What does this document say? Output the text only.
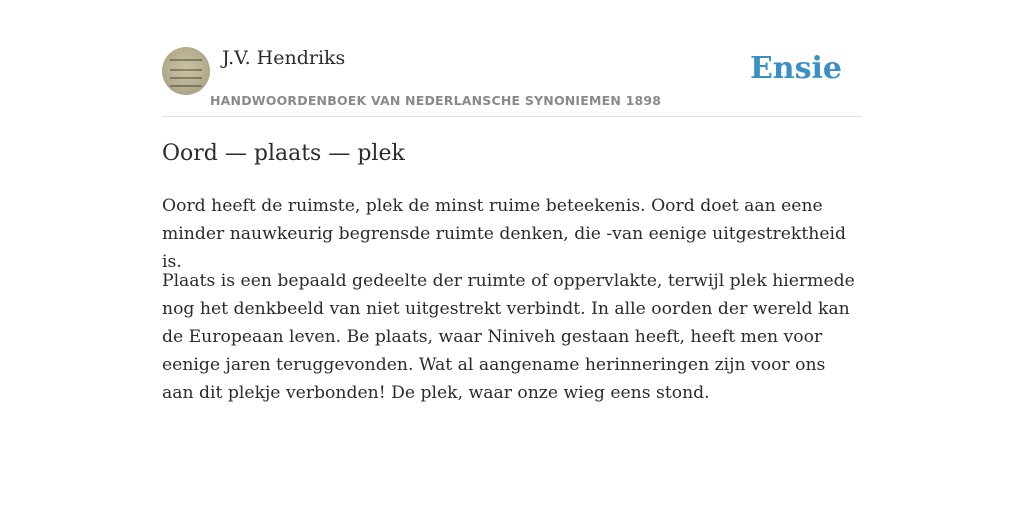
J.V. Hendriks
HANDWOORDENBOEK VAN NEDERLANSCHE SYNONIEMEN 1898
Ensie
Oord — plaats — plek

Oord heeft de ruimste, plek de minst ruime beteekenis. Oord doet aan eene minder nauwkeurig begrensde ruimte denken, die -van eenige uitgestrektheid is.

Plaats is een bepaald gedeelte der ruimte of oppervlakte, terwijl plek hiermede nog het denkbeeld van niet uitgestrekt verbindt. In alle oorden der wereld kan de Europeaan leven. Be plaats, waar Niniveh gestaan heeft, heeft men voor eenige jaren teruggevonden. Wat al aangename herinneringen zijn voor ons aan dit plekje verbonden! De plek, waar onze wieg eens stond.
